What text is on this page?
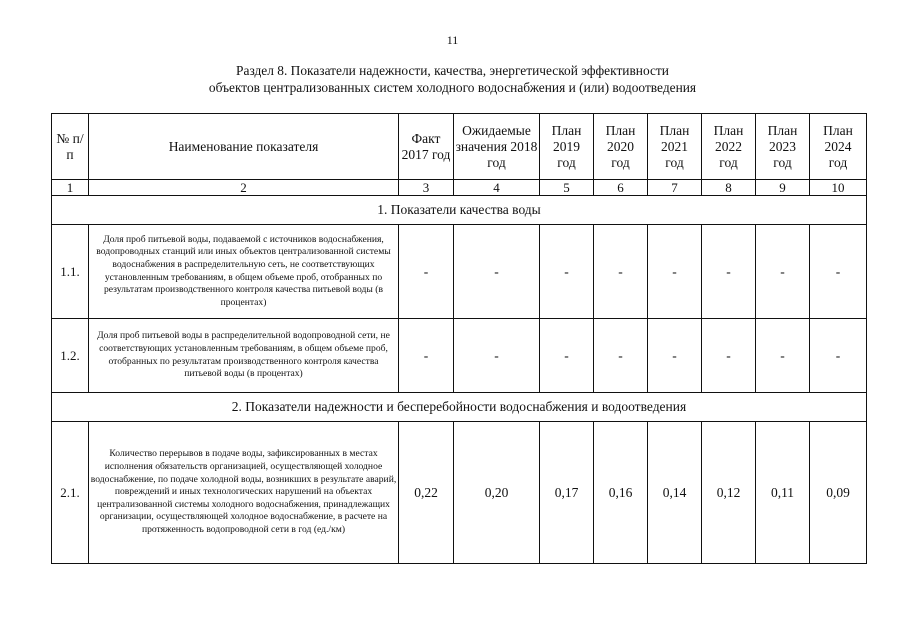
11
Раздел 8. Показатели надежности, качества, энергетической эффективности
объектов централизованных систем холодного водоснабжения и (или) водоотведения
№ п/п	Наименование показателя	Факт 2017 год	Ожидаемые значения 2018 год	План 2019 год	План 2020 год	План 2021 год	План 2022 год	План 2023 год	План 2024 год
1	2	3	4	5	6	7	8	9	10
1. Показатели качества воды									
1.1.	Доля проб питьевой воды, подаваемой с источников водоснабжения, водопроводных станций или иных объектов централизованной системы водоснабжения в распределительную сеть, не соответствующих установленным требованиям, в общем объеме проб, отобранных по результатам производственного контроля качества питьевой воды (в процентах)	-	-	-	-	-	-	-	-
1.2.	Доля проб питьевой воды в распределительной водопроводной сети, не соответствующих установленным требованиям, в общем объеме проб, отобранных по результатам производственного контроля качества питьевой воды (в процентах)	-	-	-	-	-	-	-	-
2. Показатели надежности и бесперебойности водоснабжения и водоотведения									
2.1.	Количество перерывов в подаче воды, зафиксированных в местах исполнения обязательств организацией, осуществляющей холодное водоснабжение, по подаче холодной воды, возникших в результате аварий, повреждений и иных технологических нарушений на объектах централизованной системы холодного водоснабжения, принадлежащих организации, осуществляющей холодное водоснабжение, в расчете на протяженность водопроводной сети в год (ед./км)	0,22	0,20	0,17	0,16	0,14	0,12	0,11	0,09
